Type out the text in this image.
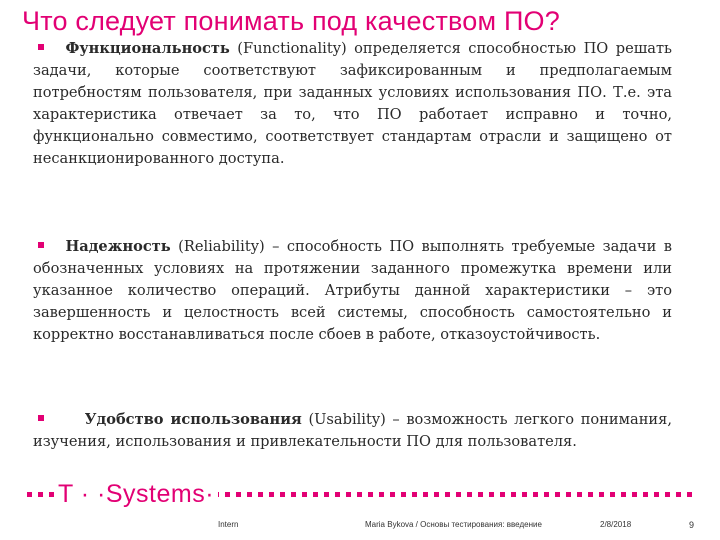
Что следует понимать под качеством ПО?
Функциональность (Functionality) определяется способностью ПО решать задачи, которые соответствуют зафиксированным и предполагаемым потребностям пользователя, при заданных условиях использования ПО. Т.е. эта характеристика отвечает за то, что ПО работает исправно и точно, функционально совместимо, соответствует стандартам отрасли и защищено от несанкционированного доступа.
Надежность (Reliability) – способность ПО выполнять требуемые задачи в обозначенных условиях на протяжении заданного промежутка времени или указанное количество операций. Атрибуты данной характеристики – это завершенность и целостность всей системы, способность самостоятельно и корректно восстанавливаться после сбоев в работе, отказоустойчивость.
Удобство использования (Usability) – возможность легкого понимания, изучения, использования и привлекательности ПО для пользователя.
T · ·Systems·
Intern	Maria Bykova / Основы тестирования: введение	2/8/2018	9
